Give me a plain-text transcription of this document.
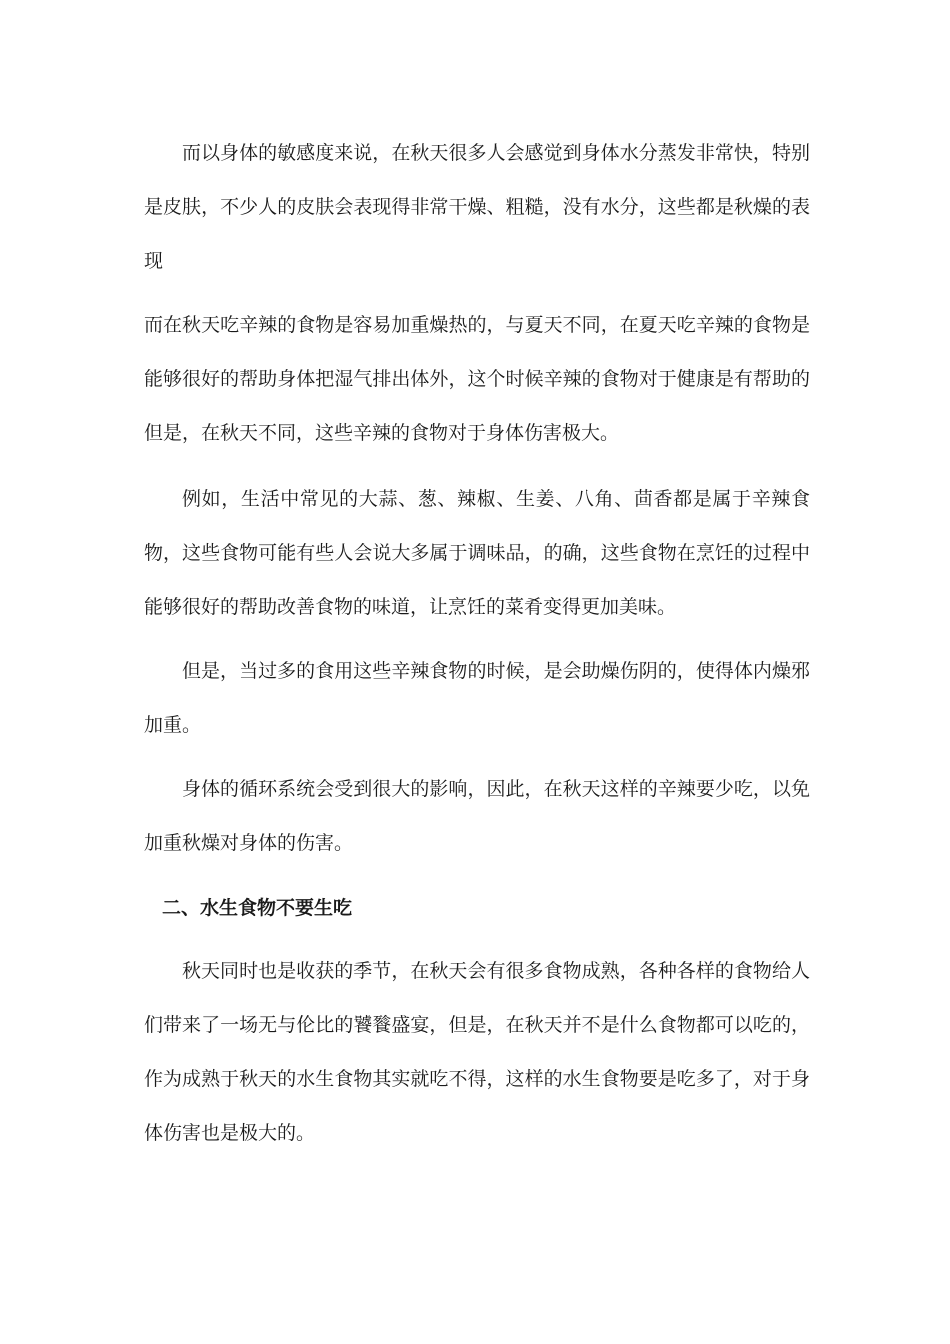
而以身体的敏感度来说，在秋天很多人会感觉到身体水分蒸发非常快，特别是皮肤，不少人的皮肤会表现得非常干燥、粗糙，没有水分，这些都是秋燥的表现

而在秋天吃辛辣的食物是容易加重燥热的，与夏天不同，在夏天吃辛辣的食物是能够很好的帮助身体把湿气排出体外，这个时候辛辣的食物对于健康是有帮助的但是，在秋天不同，这些辛辣的食物对于身体伤害极大。

例如，生活中常见的大蒜、葱、辣椒、生姜、八角、茴香都是属于辛辣食物，这些食物可能有些人会说大多属于调味品，的确，这些食物在烹饪的过程中能够很好的帮助改善食物的味道，让烹饪的菜肴变得更加美味。

但是，当过多的食用这些辛辣食物的时候，是会助燥伤阴的，使得体内燥邪加重。

身体的循环系统会受到很大的影响，因此，在秋天这样的辛辣要少吃，以免加重秋燥对身体的伤害。

二、水生食物不要生吃

秋天同时也是收获的季节，在秋天会有很多食物成熟，各种各样的食物给人们带来了一场无与伦比的饕餮盛宴，但是，在秋天并不是什么食物都可以吃的，作为成熟于秋天的水生食物其实就吃不得，这样的水生食物要是吃多了，对于身体伤害也是极大的。
